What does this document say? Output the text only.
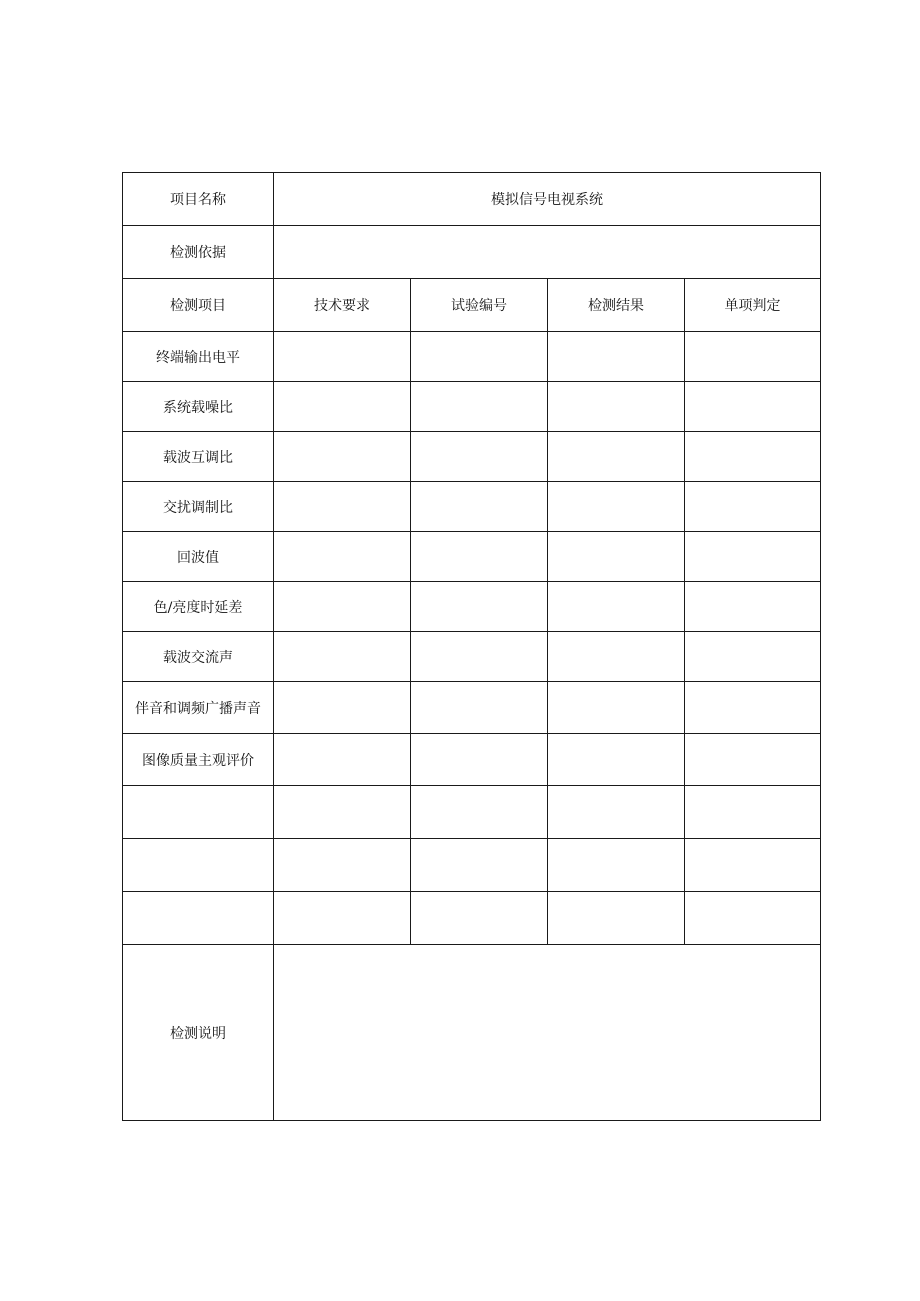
项目名称	模拟信号电视系统			
检测依据				
检测项目	技术要求	试验编号	检测结果	单项判定
终端输出电平				
系统载噪比				
载波互调比				
交扰调制比				
回波值				
色/亮度时延差				
载波交流声				
伴音和调频广播声音				
图像质量主观评价				

检测说明				
